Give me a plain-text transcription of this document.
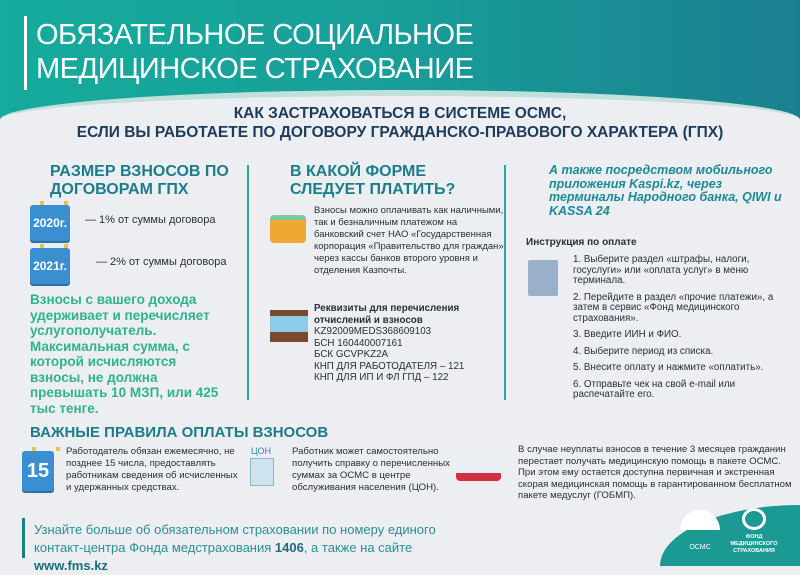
ОБЯЗАТЕЛЬНОЕ СОЦИАЛЬНОЕ
МЕДИЦИНСКОЕ СТРАХОВАНИЕ
КАК ЗАСТРАХОВАТЬСЯ В СИСТЕМЕ ОСМС,
ЕСЛИ ВЫ РАБОТАЕТЕ ПО ДОГОВОРУ ГРАЖДАНСКО-ПРАВОВОГО ХАРАКТЕРА (ГПХ)
РАЗМЕР ВЗНОСОВ ПО ДОГОВОРАМ ГПХ
2020г. — 1% от суммы договора
2021г.	— 2% от суммы договора
Взносы с вашего дохода удерживает и перечисляет услугополучатель. Максимальная сумма, с которой исчисляются взносы, не должна превышать 10 МЗП, или 425 тыс тенге.
В КАКОЙ ФОРМЕ СЛЕДУЕТ ПЛАТИТЬ?
Взносы можно оплачивать как наличными, так и безналичным платежом на банковский счет НАО «Государственная корпорация «Правительство для граждан» через кассы банков второго уровня и отделения Казпочты.
Реквизиты для перечисления отчислений и взносов
KZ92009MEDS368609103
БСН 160440007161
БСК GCVPKZ2A
КНП ДЛЯ РАБОТОДАТЕЛЯ – 121
КНП ДЛЯ ИП И ФЛ ГПД – 122
А также посредством мобильного приложения Kaspi.kz, через терминалы Народного банка, QIWI и KASSA 24
Инструкция по оплате

1. Выберите раздел «штрафы, налоги, госуслуги» или «оплата услуг» в меню терминала.

2. Перейдите в раздел «прочие платежи», а затем в сервис «Фонд медицинского страхования».

3. Введите ИИН и ФИО.

4. Выберите период из списка.

5. Внесите оплату и нажмите «оплатить».

6. Отправьте чек на свой e-mail или распечатайте его.

ВАЖНЫЕ ПРАВИЛА ОПЛАТЫ ВЗНОСОВ
15
Работодатель обязан ежемесячно, не позднее 15 числа, предоставлять работникам сведения об исчисленных и удержанных средствах.
ЦОН	Работник может самостоятельно получить справку о перечисленных суммах за ОСМС в центре обслуживания населения (ЦОН).
В случае неуплаты взносов в течение 3 месяцев гражданин перестает получать медицинскую помощь в пакете ОСМС. При этом ему остается доступна первичная и экстренная скорая медицинская помощь в гарантированном бесплатном пакете медуслуг (ГОБМП).
Узнайте больше об обязательном страховании по номеру единого контакт-центра Фонда медстрахования 1406, а также на сайте www.fms.kz
ОСМС
ФОНД МЕДИЦИНСКОГО СТРАХОВАНИЯ
